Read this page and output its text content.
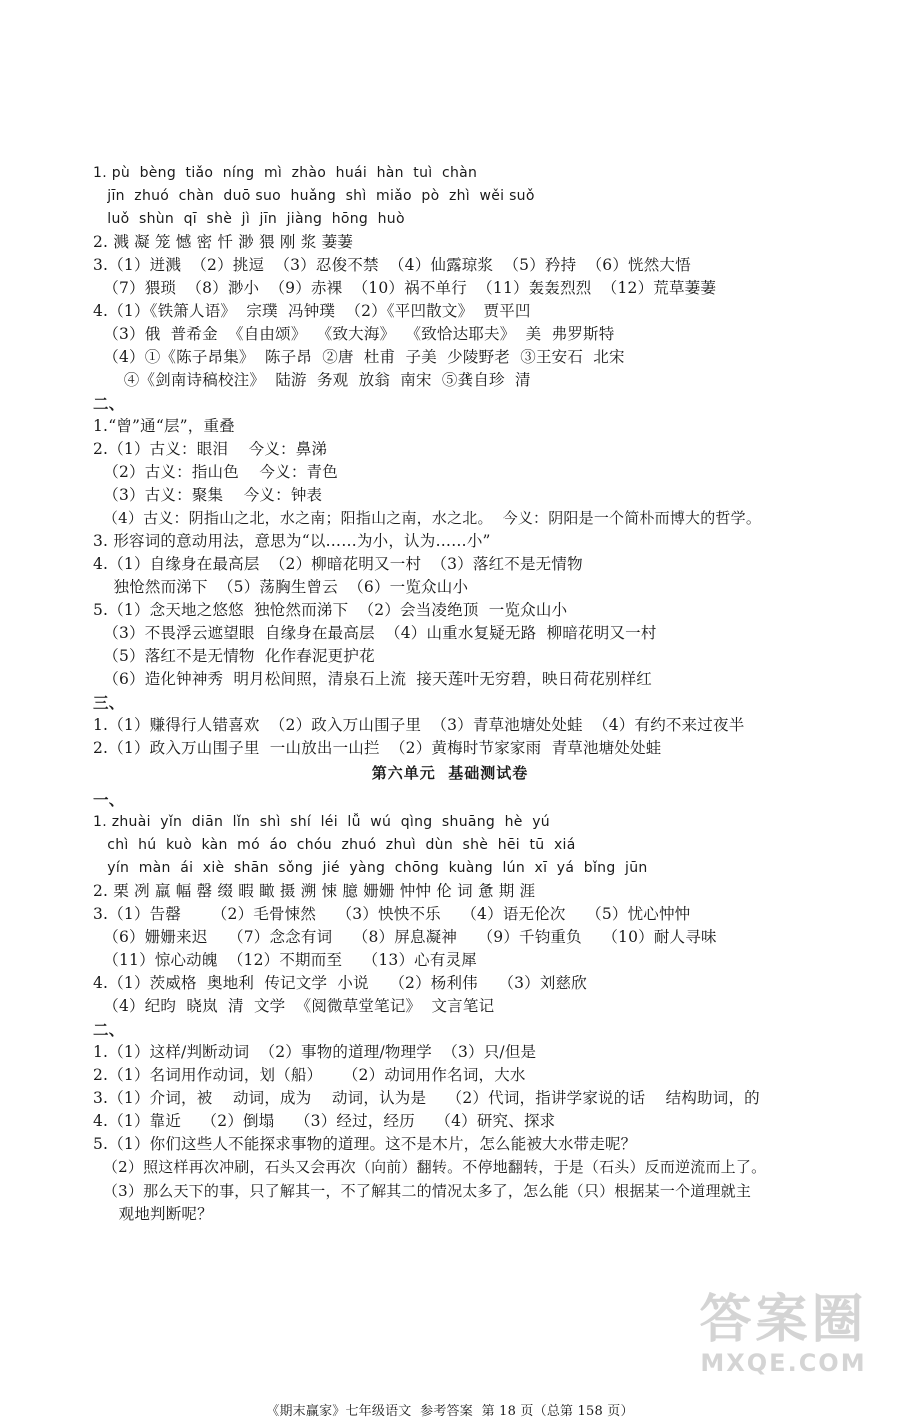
1. pù  bèng  tiǎo  níng  mì  zhào  huái  hàn  tuì  chàn
jīn  zhuó  chàn  duō suo  huǎng  shì  miǎo  pò  zhì  wěi suǒ
luǒ  shùn  qī  shè  jì  jīn  jiàng  hōng  huò
2. 溅 凝 笼 憾 密 忏 渺 猥 刚 浆 萋萋
3.（1）迸溅  （2）挑逗  （3）忍俊不禁  （4）仙露琼浆  （5）矜持  （6）恍然大悟
（7）猥琐  （8）渺小  （9）赤裸  （10）祸不单行  （11）轰轰烈烈  （12）荒草萋萋
4.（1）《铁箫人语》  宗璞  冯钟璞  （2）《平凹散文》  贾平凹
（3）俄  普希金  《自由颂》  《致大海》  《致恰达耶夫》  美  弗罗斯特
（4）①《陈子昂集》  陈子昂  ②唐  杜甫  子美  少陵野老  ③王安石  北宋
④《剑南诗稿校注》  陆游  务观  放翁  南宋  ⑤龚自珍  清
二、
1.“曾”通“层”，重叠
2.（1）古义：眼泪    今义：鼻涕
（2）古义：指山色    今义：青色
（3）古义：聚集    今义：钟表
（4）古义：阴指山之北，水之南；阳指山之南，水之北。  今义：阴阳是一个简朴而博大的哲学。
3. 形容词的意动用法，意思为“以……为小，认为……小”
4.（1）自缘身在最高层  （2）柳暗花明又一村  （3）落红不是无情物
独怆然而涕下  （5）荡胸生曾云  （6）一览众山小
5.（1）念天地之悠悠  独怆然而涕下  （2）会当凌绝顶  一览众山小
（3）不畏浮云遮望眼  自缘身在最高层  （4）山重水复疑无路  柳暗花明又一村
（5）落红不是无情物  化作春泥更护花
（6）造化钟神秀  明月松间照，清泉石上流  接天莲叶无穷碧，映日荷花别样红
三、
1.（1）赚得行人错喜欢  （2）政入万山围子里  （3）青草池塘处处蛙  （4）有约不来过夜半
2.（1）政入万山围子里  一山放出一山拦  （2）黄梅时节家家雨  青草池塘处处蛙
第六单元  基础测试卷
一、
1. zhuài  yǐn  diān  lǐn  shì  shí  léi  lǚ  wú  qìng  shuāng  hè  yú
chì  hú  kuò  kàn  mó  áo  chóu  zhuó  zhuì  dùn  shè  hēi  tū  xiá
yín  màn  ái  xiè  shān  sǒng  jié  yàng  chōng  kuàng  lún  xī  yá  bǐng  jūn
2. 栗 冽 羸 幅 罄 缀 暇 瞰 摄 溯 悚 臆 姗姗 忡忡 伦 词 惫 期 涯
3.（1）告罄      （2）毛骨悚然    （3）怏怏不乐    （4）语无伦次    （5）忧心忡忡
（6）姗姗来迟    （7）念念有词    （8）屏息凝神    （9）千钧重负    （10）耐人寻味
（11）惊心动魄  （12）不期而至    （13）心有灵犀
4.（1）茨威格  奥地利  传记文学  小说    （2）杨利伟    （3）刘慈欣
（4）纪昀  晓岚  清  文学  《阅微草堂笔记》  文言笔记
二、
1.（1）这样/判断动词  （2）事物的道理/物理学  （3）只/但是
2.（1）名词用作动词，划（船）    （2）动词用作名词，大水
3.（1）介词，被    动词，成为    动词，认为是    （2）代词，指讲学家说的话    结构助词，的
4.（1）靠近    （2）倒塌    （3）经过，经历    （4）研究、探求
5.（1）你们这些人不能探求事物的道理。这不是木片，怎么能被大水带走呢？
（2）照这样再次冲刷，石头又会再次（向前）翻转。不停地翻转，于是（石头）反而逆流而上了。
（3）那么天下的事，只了解其一，不了解其二的情况太多了，怎么能（只）根据某一个道理就主
观地判断呢？
《期末赢家》七年级语文  参考答案  第 18 页（总第 158 页）
答案圈
MXQE.COM
